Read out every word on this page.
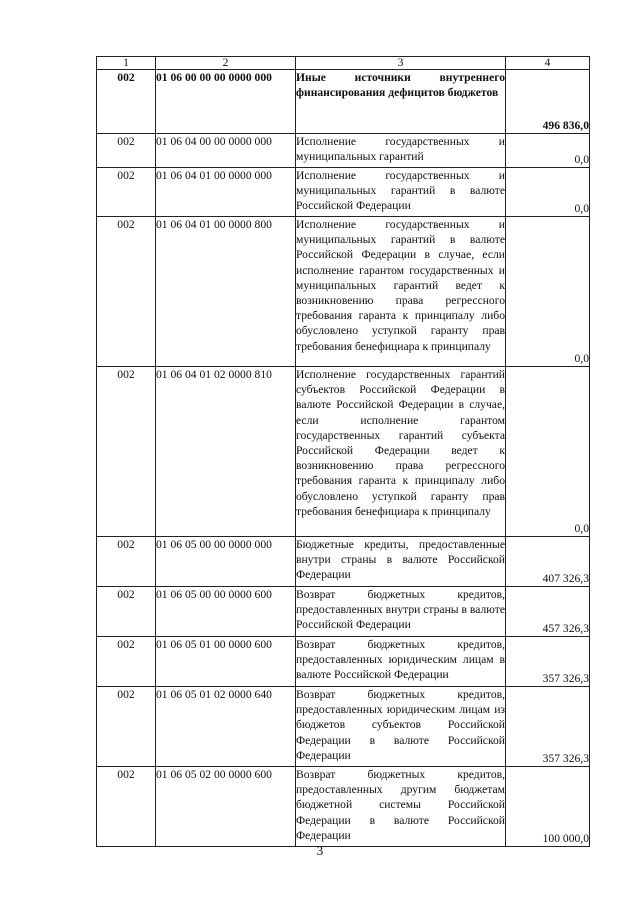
1	2	3	4
002	01 06 00 00 00 0000 000	Иные источники внутреннего финансирования дефицитов бюджетов	496 836,0
002	01 06 04 00 00 0000 000	Исполнение государственных и муниципальных гарантий	0,0
002	01 06 04 01 00 0000 000	Исполнение государственных и муниципальных гарантий в валюте Российской Федерации	0,0
002	01 06 04 01 00 0000 800	Исполнение государственных и муниципальных гарантий в валюте Российской Федерации в случае, если исполнение гарантом государственных и муниципальных гарантий ведет к возникновению права регрессного требования гаранта к принципалу либо обусловлено уступкой гаранту прав требования бенефициара к принципалу	0,0
002	01 06 04 01 02 0000 810	Исполнение государственных гарантий субъектов Российской Федерации в валюте Российской Федерации в случае, если исполнение гарантом государственных гарантий субъекта Российской Федерации ведет к возникновению права регрессного требования гаранта к принципалу либо обусловлено уступкой гаранту прав требования бенефициара к принципалу	0,0
002	01 06 05 00 00 0000 000	Бюджетные кредиты, предоставленные внутри страны в валюте Российской Федерации	407 326,3
002	01 06 05 00 00 0000 600	Возврат бюджетных кредитов, предоставленных внутри страны в валюте Российской Федерации	457 326,3
002	01 06 05 01 00 0000 600	Возврат бюджетных кредитов, предоставленных юридическим лицам в валюте Российской Федерации	357 326,3
002	01 06 05 01 02 0000 640	Возврат бюджетных кредитов, предоставленных юридическим лицам из бюджетов субъектов Российской Федерации в валюте Российской Федерации	357 326,3
002	01 06 05 02 00 0000 600	Возврат бюджетных кредитов, предоставленных другим бюджетам бюджетной системы Российской Федерации в валюте Российской Федерации	100 000,0
3
